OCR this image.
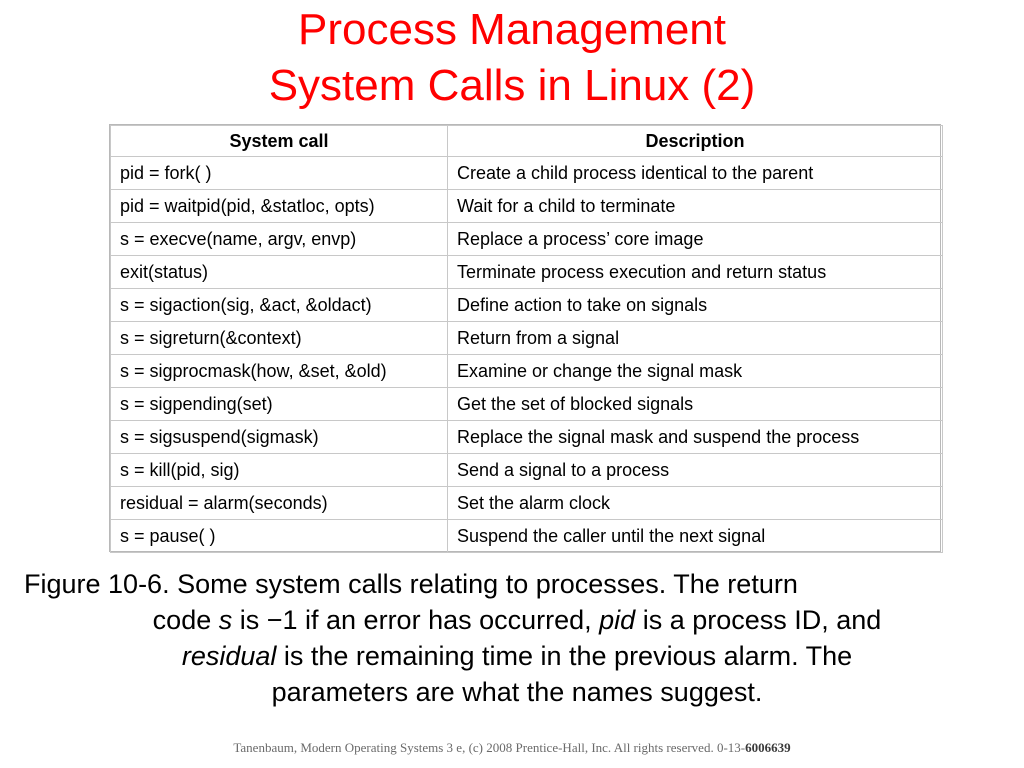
Process Management
System Calls in Linux (2)
System call	Description
pid = fork( )	Create a child process identical to the parent
pid = waitpid(pid, &statloc, opts)	Wait for a child to terminate
s = execve(name, argv, envp)	Replace a process’ core image
exit(status)	Terminate process execution and return status
s = sigaction(sig, &act, &oldact)	Define action to take on signals
s = sigreturn(&context)	Return from a signal
s = sigprocmask(how, &set, &old)	Examine or change the signal mask
s = sigpending(set)	Get the set of blocked signals
s = sigsuspend(sigmask)	Replace the signal mask and suspend the process
s = kill(pid, sig)	Send a signal to a process
residual = alarm(seconds)	Set the alarm clock
s = pause( )	Suspend the caller until the next signal
Figure 10-6. Some system calls relating to processes. The return
code s is −1 if an error has occurred, pid is a process ID, and
residual is the remaining time in the previous alarm. The
parameters are what the names suggest.
Tanenbaum, Modern Operating Systems 3 e, (c) 2008 Prentice-Hall, Inc. All rights reserved. 0-13-6006639
